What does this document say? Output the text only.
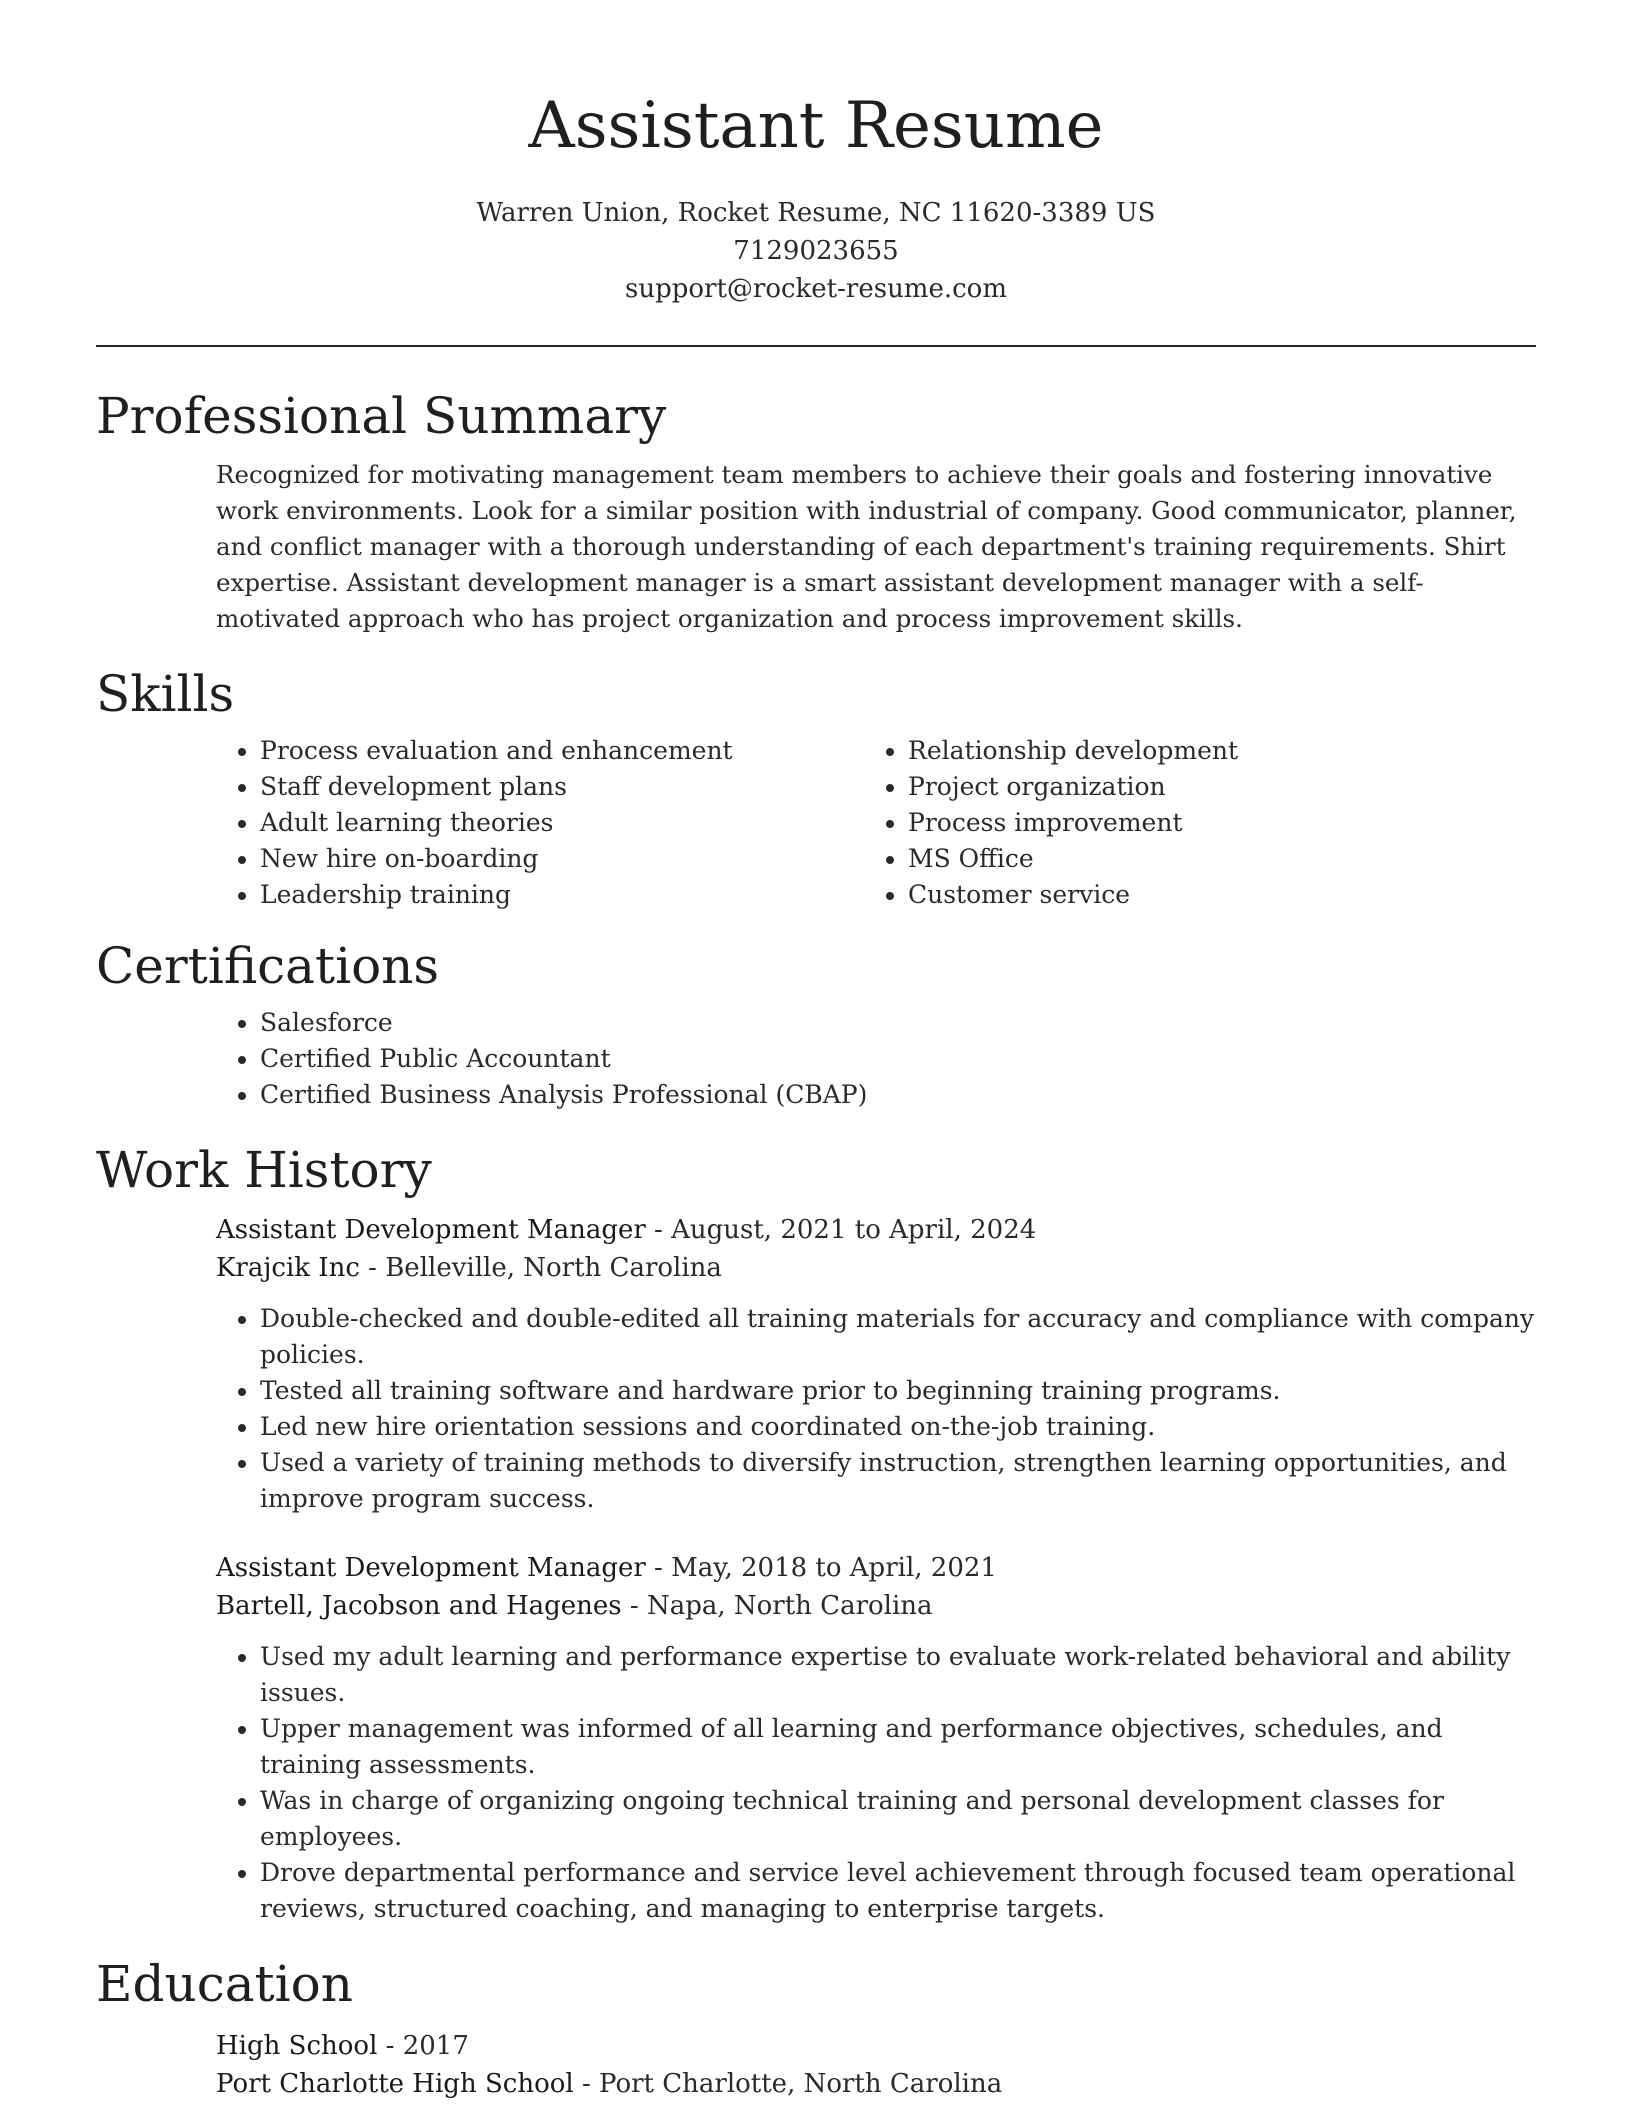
Assistant Resume
Warren Union, Rocket Resume, NC 11620-3389 US
7129023655
support@rocket-resume.com
Professional Summary
Recognized for motivating management team members to achieve their goals and fostering innovative work environments. Look for a similar position with industrial of company. Good communicator, planner, and conflict manager with a thorough understanding of each department's training requirements. Shirt expertise. Assistant development manager is a smart assistant development manager with a self-motivated approach who has project organization and process improvement skills.
Skills
• Process evaluation and enhancement
• Staff development plans
• Adult learning theories
• New hire on-boarding
• Leadership training
• Relationship development
• Project organization
• Process improvement
• MS Office
• Customer service
Certifications
• Salesforce
• Certified Public Accountant
• Certified Business Analysis Professional (CBAP)
Work History
Assistant Development Manager - August, 2021 to April, 2024
Krajcik Inc - Belleville, North Carolina
• Double-checked and double-edited all training materials for accuracy and compliance with company policies.
• Tested all training software and hardware prior to beginning training programs.
• Led new hire orientation sessions and coordinated on-the-job training.
• Used a variety of training methods to diversify instruction, strengthen learning opportunities, and improve program success.
Assistant Development Manager - May, 2018 to April, 2021
Bartell, Jacobson and Hagenes - Napa, North Carolina
• Used my adult learning and performance expertise to evaluate work-related behavioral and ability issues.
• Upper management was informed of all learning and performance objectives, schedules, and training assessments.
• Was in charge of organizing ongoing technical training and personal development classes for employees.
• Drove departmental performance and service level achievement through focused team operational reviews, structured coaching, and managing to enterprise targets.
Education
High School - 2017
Port Charlotte High School - Port Charlotte, North Carolina
